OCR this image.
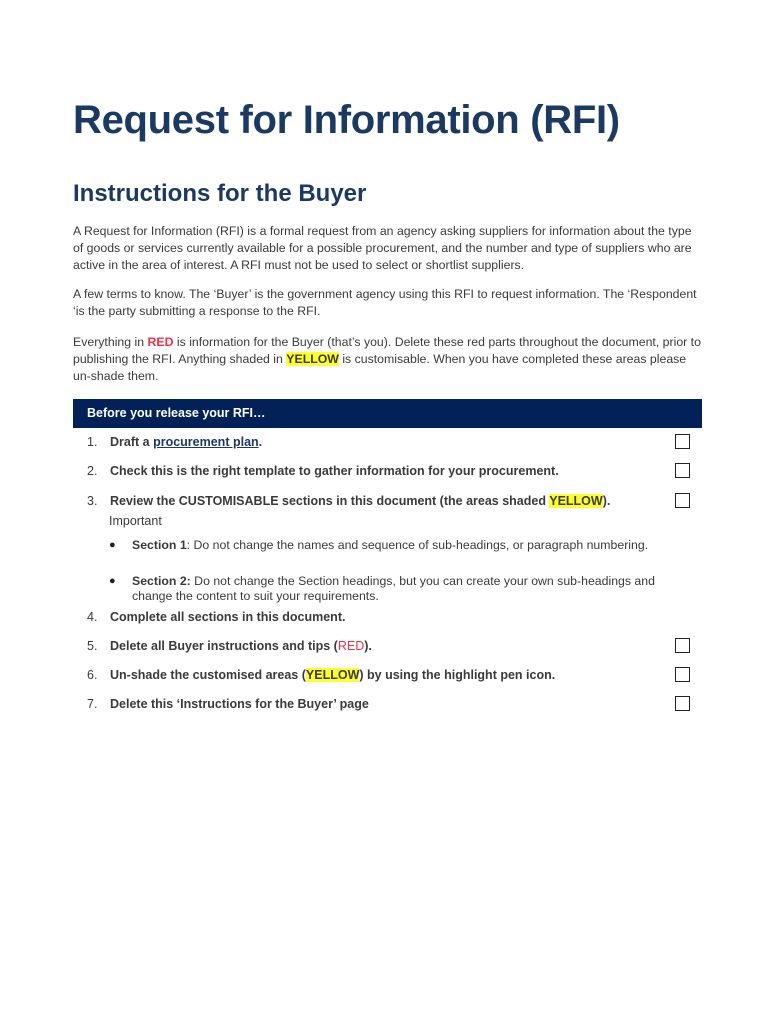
Request for Information (RFI)
Instructions for the Buyer

A Request for Information (RFI) is a formal request from an agency asking suppliers for information about the type of goods or services currently available for a possible procurement, and the number and type of suppliers who are active in the area of interest. A RFI must not be used to select or shortlist suppliers.

A few terms to know. The ‘Buyer’ is the government agency using this RFI to request information. The ‘Respondent ‘is the party submitting a response to the RFI.

Everything in RED is information for the Buyer (that’s you). Delete these red parts throughout the document, prior to publishing the RFI. Anything shaded in YELLOW is customisable. When you have completed these areas please un-shade them.

Before you release your RFI…
1.	Draft a procurement plan.
2.	Check this is the right template to gather information for your procurement.
3.	Review the CUSTOMISABLE sections in this document (the areas shaded YELLOW).
Important
● Section 1: Do not change the names and sequence of sub-headings, or paragraph numbering.
● Section 2: Do not change the Section headings, but you can create your own sub-headings and change the content to suit your requirements.
4.	Complete all sections in this document.
5.	Delete all Buyer instructions and tips (RED).
6.	Un-shade the customised areas (YELLOW) by using the highlight pen icon.
7.	Delete this ‘Instructions for the Buyer’ page
